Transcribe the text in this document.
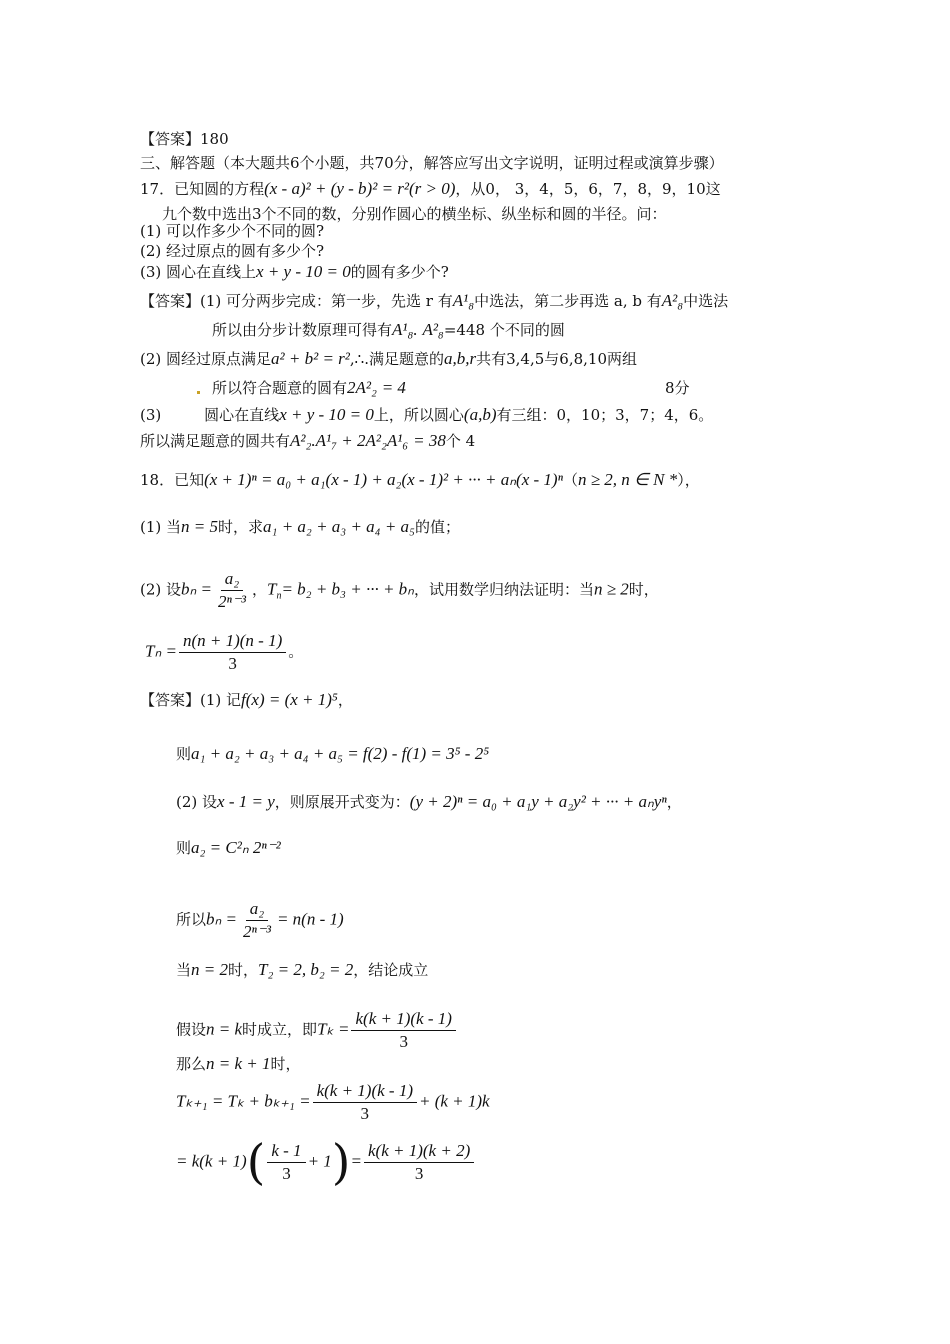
【答案】180
三、解答题（本大题共6个小题，共70分，解答应写出文字说明，证明过程或演算步骤）
17．已知圆的方程(x - a)² + (y - b)² = r²(r > 0)，从0， 3，4，5，6，7，8，9，10这
九个数中选出3个不同的数，分别作圆心的横坐标、纵坐标和圆的半径。问：
(1) 可以作多少个不同的圆?
(2) 经过原点的圆有多少个?
(3) 圆心在直线上x + y - 10 = 0的圆有多少个?
【答案】(1) 可分两步完成：第一步，先选 r 有A¹₈中选法，第二步再选 a, b 有A²₈中选法
所以由分步计数原理可得有A¹₈. A²₈=448 个不同的圆
(2) 圆经过原点满足a² + b² = r²,∴.满足题意的a,b,r共有3,4,5与6,8,10两组
所以符合题意的圆有2A²₂ = 4	8分
(3)	圆心在直线x + y - 10 = 0上，所以圆心(a,b)有三组：0，10；3，7；4，6。
所以满足题意的圆共有A²₂.A¹₇ + 2A²₂A¹₆ = 38个 4
18．已知(x + 1)ⁿ = a₀ + a₁(x - 1) + a₂(x - 1)² + ··· + aₙ(x - 1)ⁿ（n ≥ 2, n ∈ N *），
(1) 当n = 5时，求a₁ + a₂ + a₃ + a₄ + a₅的值；
(2) 设$b_n = \frac{\text{a₂}}{\text{2ⁿ⁻³}}$ ，$T_n= b_2 + b_3$ + ··· + bₙ，试用数学归纳法证明：当n ≥ 2时，
$T_n = \frac{n(n + 1)(n - 1)}{3}$ 。
【答案】(1) 记f(x) = (x + 1)⁵，
则a₁ + a₂ + a₃ + a₄ + a₅ = f(2) - f(1) = 3⁵ - 2⁵
(2) 设x - 1 = y，则原展开式变为：(y + 2)ⁿ = a₀ + a₁y + a₂y² + ··· + aₙyⁿ，
则a₂ = C²ₙ 2ⁿ⁻²
所以$b_n = \frac{\text{a₂}}{\text{2ⁿ⁻³}} = n(n - 1)$
当n = 2时，T₂ = 2, b₂ = 2，结论成立
假设n = k时成立，即$T_k = \frac{k(k + 1)(k - 1)}{3}$
那么n = k + 1时，
$T_{k+1} = T_k + b_{k+1} = \frac{k(k + 1)(k - 1)}{3} + (k + 1)k$
= $k(k + 1)( \frac{k - 1}{3} + 1)= \frac{k(k + 1)(k + 2)}{3}$
